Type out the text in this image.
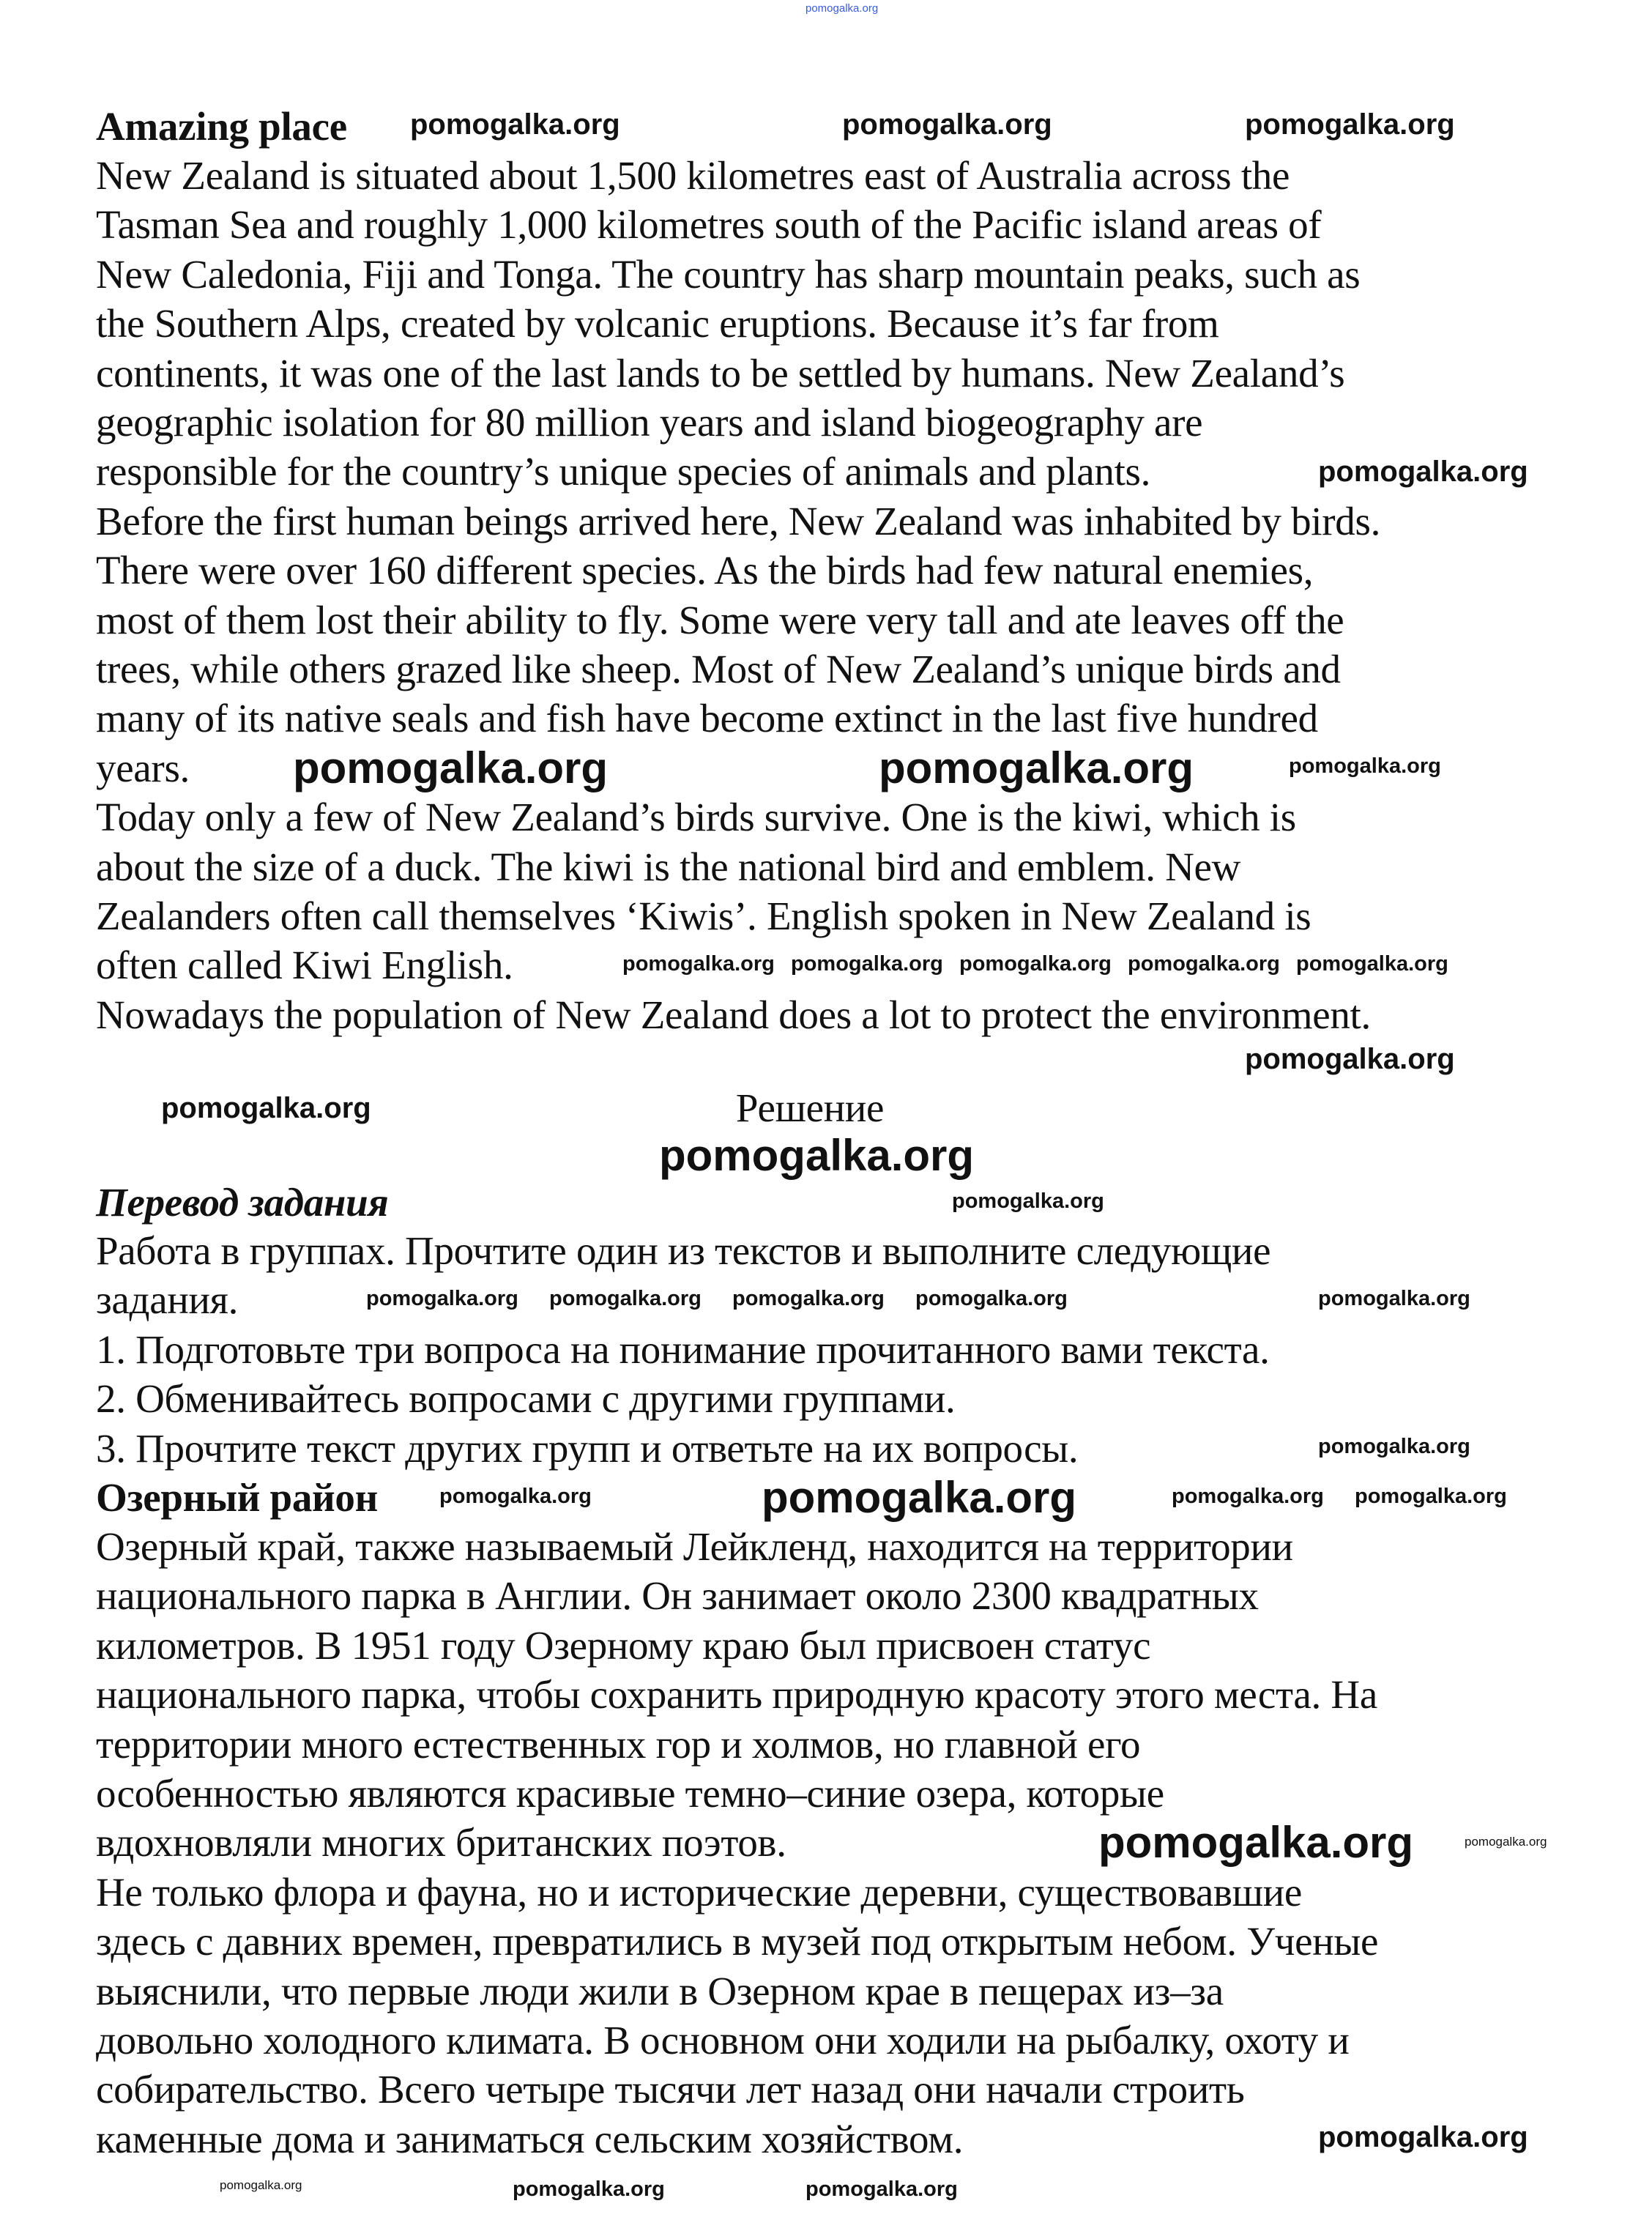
Amazing place
New Zealand is situated about 1,500 kilometres east of Australia across the
Tasman Sea and roughly 1,000 kilometres south of the Pacific island areas of
New Caledonia, Fiji and Tonga. The country has sharp mountain peaks, such as
the Southern Alps, created by volcanic eruptions. Because it’s far from
continents, it was one of the last lands to be settled by humans. New Zealand’s
geographic isolation for 80 million years and island biogeography are
responsible for the country’s unique species of animals and plants.
Before the first human beings arrived here, New Zealand was inhabited by birds.
There were over 160 different species. As the birds had few natural enemies,
most of them lost their ability to fly. Some were very tall and ate leaves off the
trees, while others grazed like sheep. Most of New Zealand’s unique birds and
many of its native seals and fish have become extinct in the last five hundred
years.
Today only a few of New Zealand’s birds survive. One is the kiwi, which is
about the size of a duck. The kiwi is the national bird and emblem. New
Zealanders often call themselves ‘Kiwis’. English spoken in New Zealand is
often called Kiwi English.
Nowadays the population of New Zealand does a lot to protect the environment.
Решение
Перевод задания
Работа в группах. Прочтите один из текстов и выполните следующие
задания.
1. Подготовьте три вопроса на понимание прочитанного вами текста.
2. Обменивайтесь вопросами с другими группами.
3. Прочтите текст других групп и ответьте на их вопросы.
Озерный район
Озерный край, также называемый Лейкленд, находится на территории
национального парка в Англии. Он занимает около 2300 квадратных
километров. В 1951 году Озерному краю был присвоен статус
национального парка, чтобы сохранить природную красоту этого места. На
территории много естественных гор и холмов, но главной его
особенностью являются красивые темно–синие озера, которые
вдохновляли многих британских поэтов.
Не только флора и фауна, но и исторические деревни, существовавшие
здесь с давних времен, превратились в музей под открытым небом. Ученые
выяснили, что первые люди жили в Озерном крае в пещерах из–за
довольно холодного климата. В основном они ходили на рыбалку, охоту и
собирательство. Всего четыре тысячи лет назад они начали строить
каменные дома и заниматься сельским хозяйством.
pomogalka.org
pomogalka.org	pomogalka.org	pomogalka.org
pomogalka.org
pomogalka.org	pomogalka.org	pomogalka.org
pomogalka.org pomogalka.org pomogalka.org pomogalka.org pomogalka.org
pomogalka.org
pomogalka.org
pomogalka.org
pomogalka.org
pomogalka.org pomogalka.org pomogalka.org pomogalka.org	pomogalka.org
pomogalka.org
pomogalka.org	pomogalka.org	pomogalka.org pomogalka.org
pomogalka.org	pomogalka.org
pomogalka.org
pomogalka.org	pomogalka.org	pomogalka.org
